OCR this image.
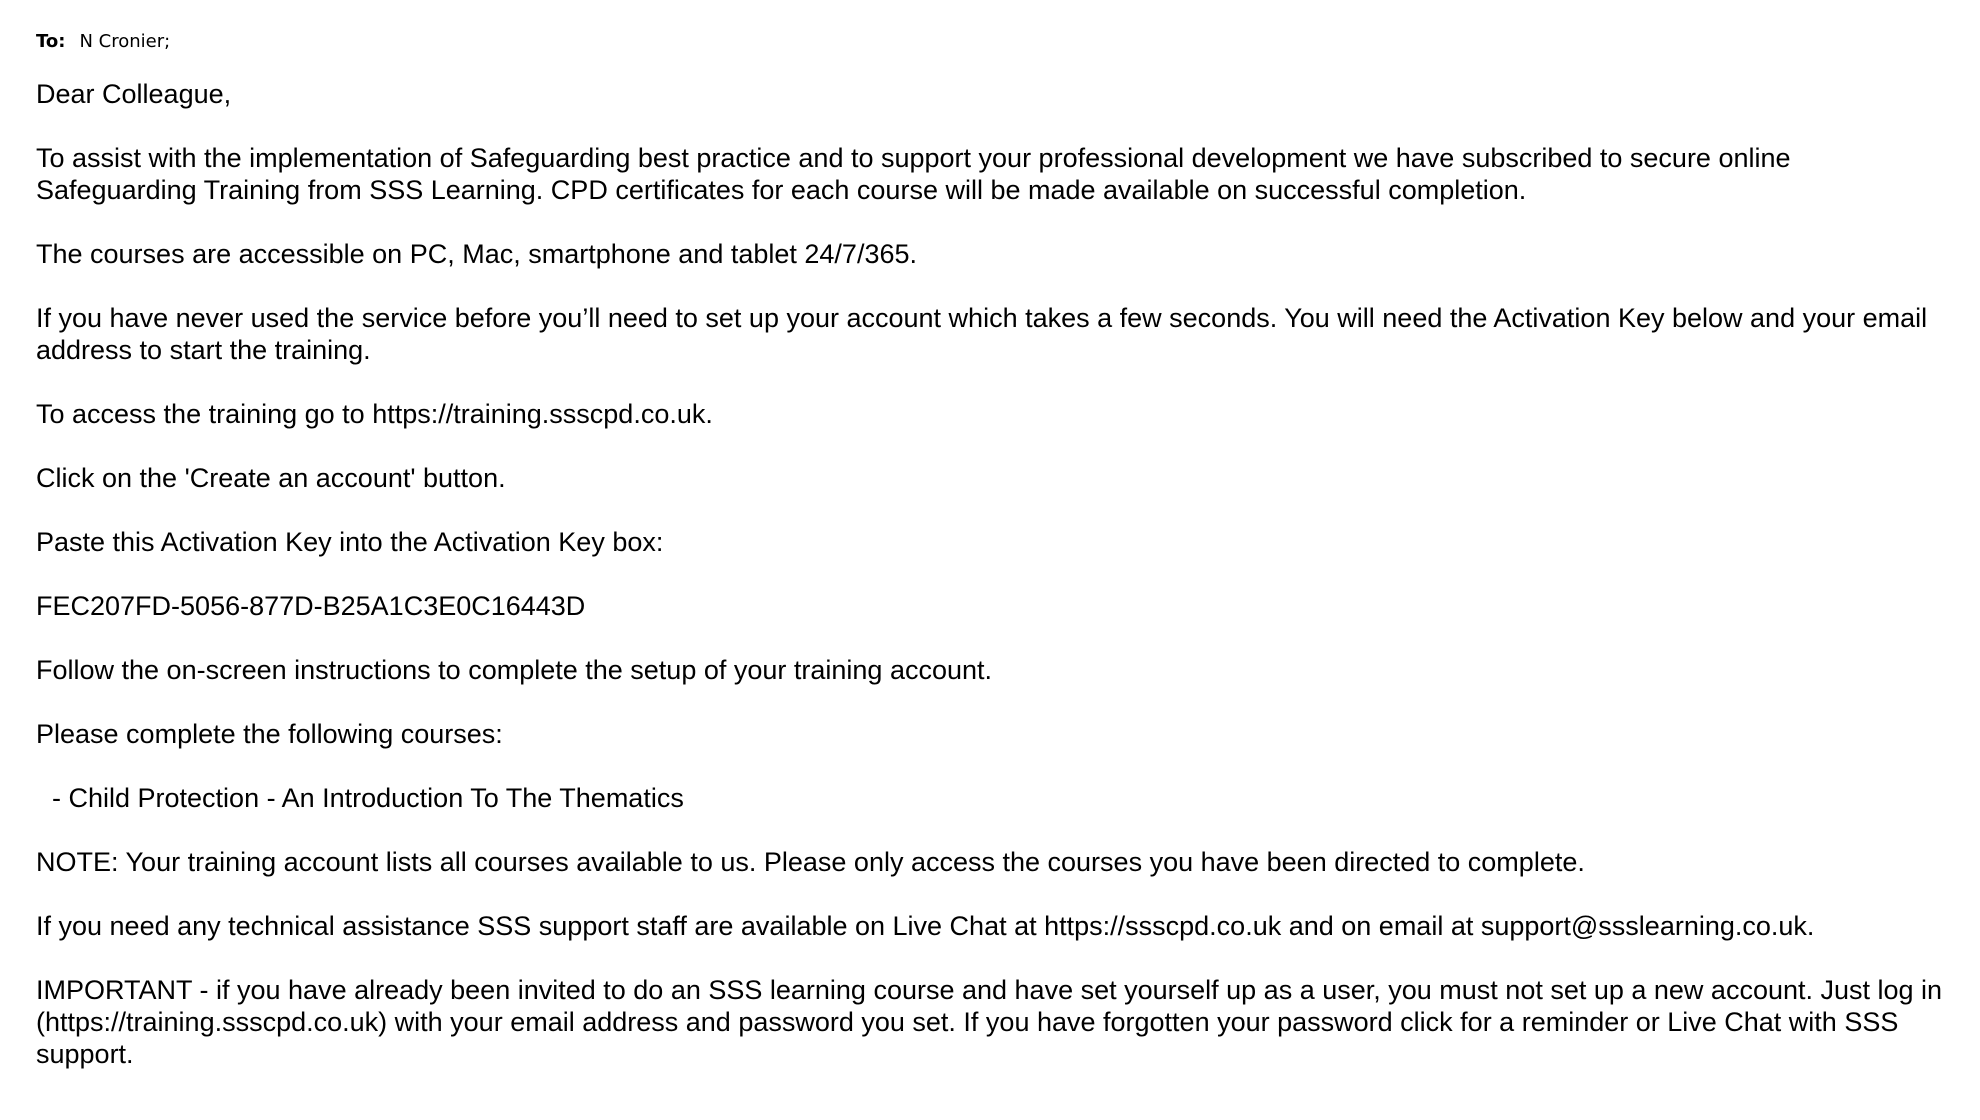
To: N Cronier;

Dear Colleague,

To assist with the implementation of Safeguarding best practice and to support your professional development we have subscribed to secure online Safeguarding Training from SSS Learning. CPD certificates for each course will be made available on successful completion.

The courses are accessible on PC, Mac, smartphone and tablet 24/7/365.

If you have never used the service before you’ll need to set up your account which takes a few seconds. You will need the Activation Key below and your email address to start the training.

To access the training go to https://training.ssscpd.co.uk.

Click on the 'Create an account' button.

Paste this Activation Key into the Activation Key box:

FEC207FD-5056-877D-B25A1C3E0C16443D

Follow the on-screen instructions to complete the setup of your training account.

Please complete the following courses:

- Child Protection - An Introduction To The Thematics

NOTE: Your training account lists all courses available to us. Please only access the courses you have been directed to complete.

If you need any technical assistance SSS support staff are available on Live Chat at https://ssscpd.co.uk and on email at support@ssslearning.co.uk.

IMPORTANT - if you have already been invited to do an SSS learning course and have set yourself up as a user, you must not set up a new account. Just log in (https://training.ssscpd.co.uk) with your email address and password you set. If you have forgotten your password click for a reminder or Live Chat with SSS support.
